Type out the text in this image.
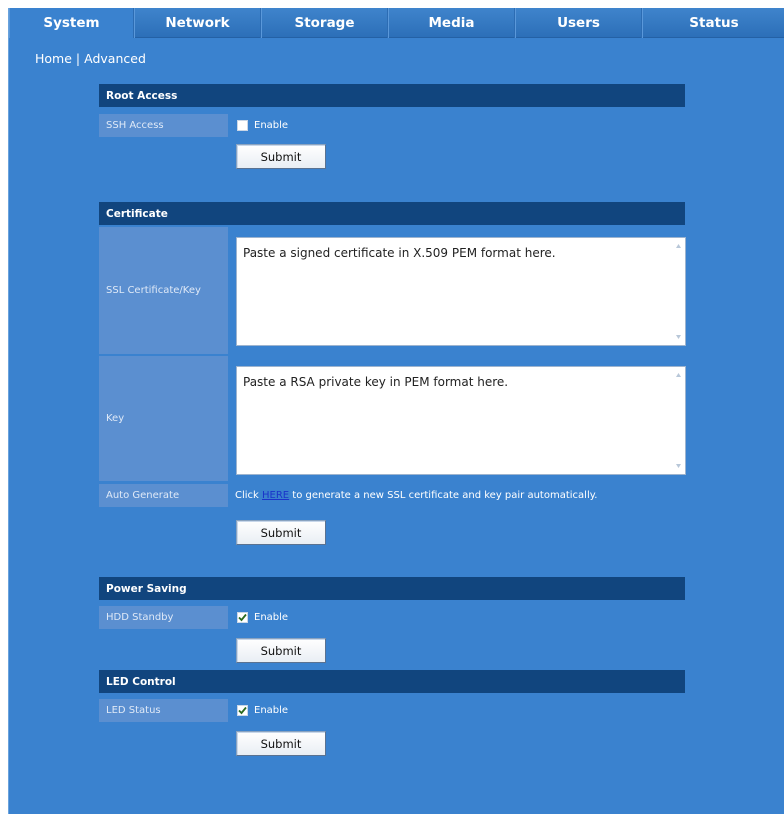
System	Network	Storage	Media	Users	Status
Home | Advanced
Root Access
SSH Access	Enable
Submit
Certificate
SSL Certificate/Key
Paste a signed certificate in X.509 PEM format here.
Key
Paste a RSA private key in PEM format here.
Auto Generate	Click HERE to generate a new SSL certificate and key pair automatically.
Submit
Power Saving
HDD Standby	Enable
Submit
LED Control
LED Status	Enable
Submit
